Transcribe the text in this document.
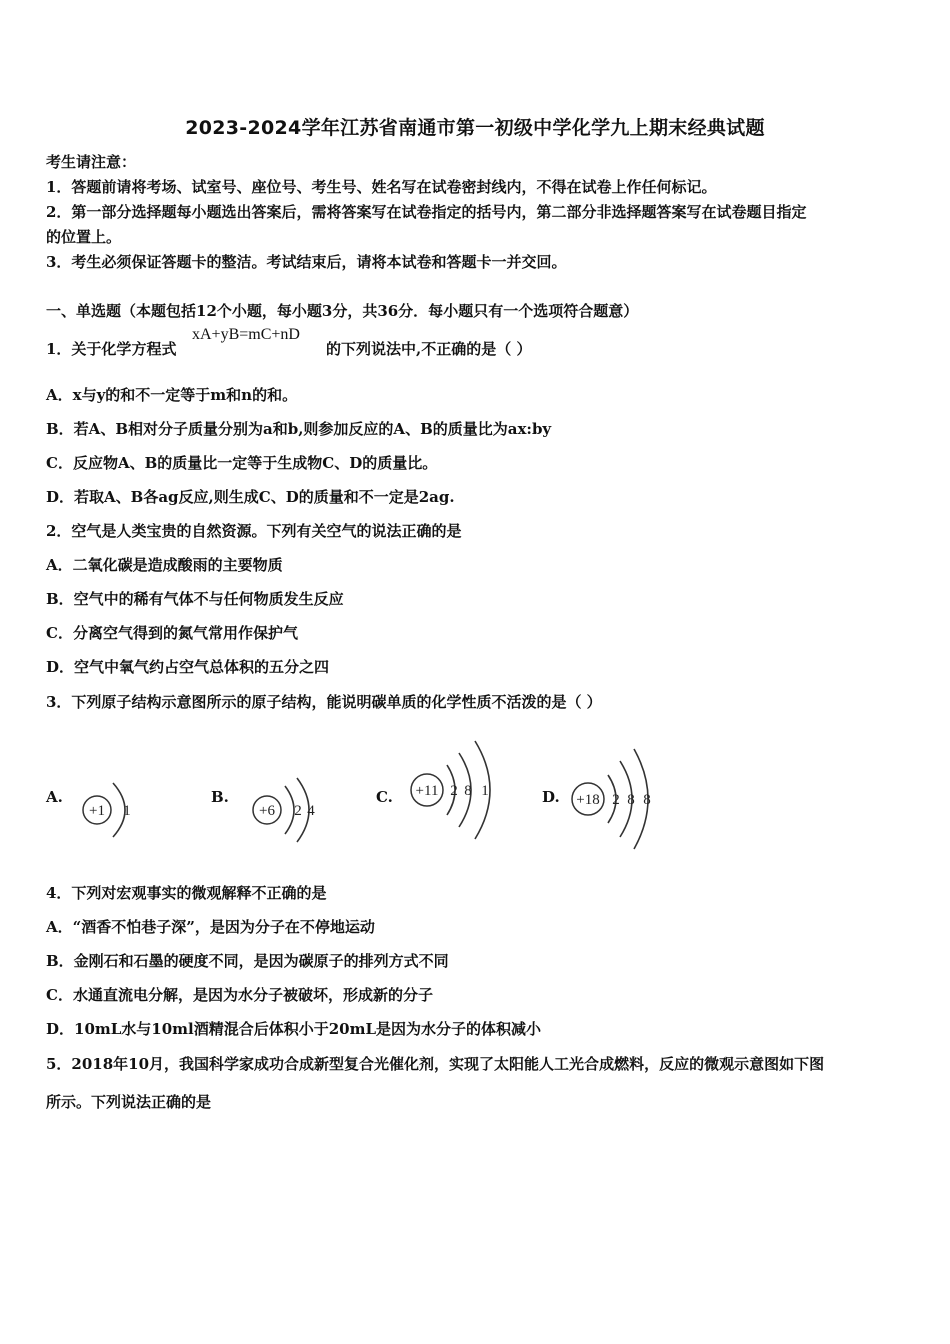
2023-2024学年江苏省南通市第一初级中学化学九上期末经典试题
考生请注意：
1．答题前请将考场、试室号、座位号、考生号、姓名写在试卷密封线内，不得在试卷上作任何标记。
2．第一部分选择题每小题选出答案后，需将答案写在试卷指定的括号内，第二部分非选择题答案写在试卷题目指定
的位置上。
3．考生必须保证答题卡的整洁。考试结束后，请将本试卷和答题卡一并交回。
一、单选题（本题包括12个小题，每小题3分，共36分．每小题只有一个选项符合题意）
1．关于化学方程式
xA+yB=mC+nD
的下列说法中,不正确的是（ ）
A．x与y的和不一定等于m和n的和。
B．若A、B相对分子质量分别为a和b,则参加反应的A、B的质量比为ax:by
C．反应物A、B的质量比一定等于生成物C、D的质量比。
D．若取A、B各ag反应,则生成C、D的质量和不一定是2ag.
2．空气是人类宝贵的自然资源。下列有关空气的说法正确的是
A．二氧化碳是造成酸雨的主要物质
B．空气中的稀有气体不与任何物质发生反应
C．分离空气得到的氮气常用作保护气
D．空气中氧气约占空气总体积的五分之四
3．下列原子结构示意图所示的原子结构，能说明碳单质的化学性质不活泼的是（ ）
A.
+1 1
B.
+6 2 4
C. +11 2 8 1	D. +18 2 8 8
4．下列对宏观事实的微观解释不正确的是
A．“酒香不怕巷子深”，是因为分子在不停地运动
B．金刚石和石墨的硬度不同，是因为碳原子的排列方式不同
C．水通直流电分解，是因为水分子被破坏，形成新的分子
D．10mL水与10ml酒精混合后体积小于20mL是因为水分子的体积减小
5．2018年10月，我国科学家成功合成新型复合光催化剂，实现了太阳能人工光合成燃料，反应的微观示意图如下图
所示。下列说法正确的是
